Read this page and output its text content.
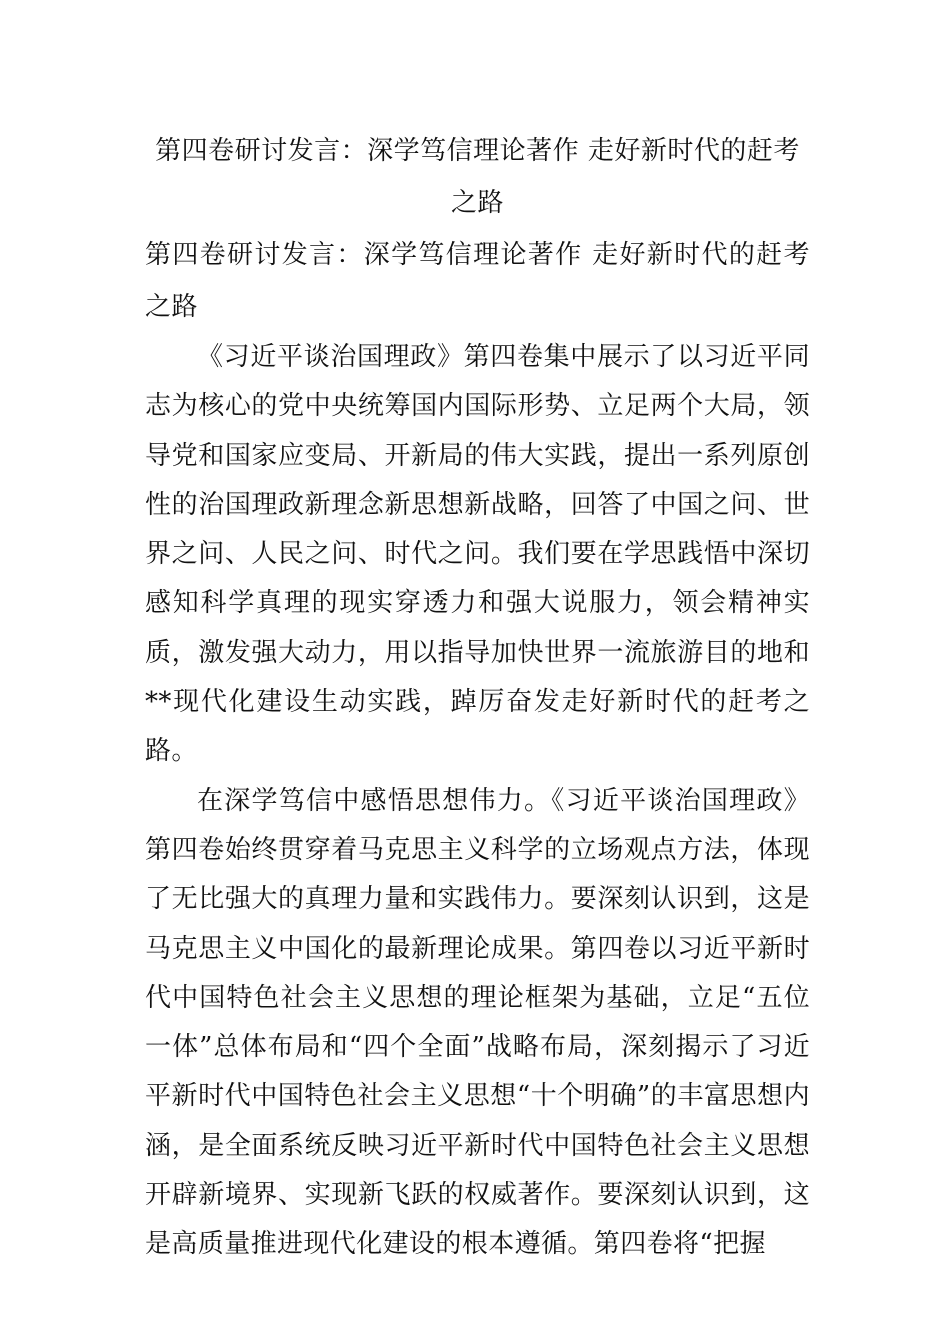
第四卷研讨发言：深学笃信理论著作 走好新时代的赶考之路

第四卷研讨发言：深学笃信理论著作 走好新时代的赶考之路

《习近平谈治国理政》第四卷集中展示了以习近平同志为核心的党中央统筹国内国际形势、立足两个大局，领导党和国家应变局、开新局的伟大实践，提出一系列原创性的治国理政新理念新思想新战略，回答了中国之问、世界之问、人民之问、时代之问。我们要在学思践悟中深切感知科学真理的现实穿透力和强大说服力，领会精神实质，激发强大动力，用以指导加快世界一流旅游目的地和**现代化建设生动实践，踔厉奋发走好新时代的赶考之路。

在深学笃信中感悟思想伟力。《习近平谈治国理政》第四卷始终贯穿着马克思主义科学的立场观点方法，体现了无比强大的真理力量和实践伟力。要深刻认识到，这是马克思主义中国化的最新理论成果。第四卷以习近平新时代中国特色社会主义思想的理论框架为基础，立足“五位一体”总体布局和“四个全面”战略布局，深刻揭示了习近平新时代中国特色社会主义思想“十个明确”的丰富思想内涵，是全面系统反映习近平新时代中国特色社会主义思想开辟新境界、实现新飞跃的权威著作。要深刻认识到，这是高质量推进现代化建设的根本遵循。第四卷将“把握
